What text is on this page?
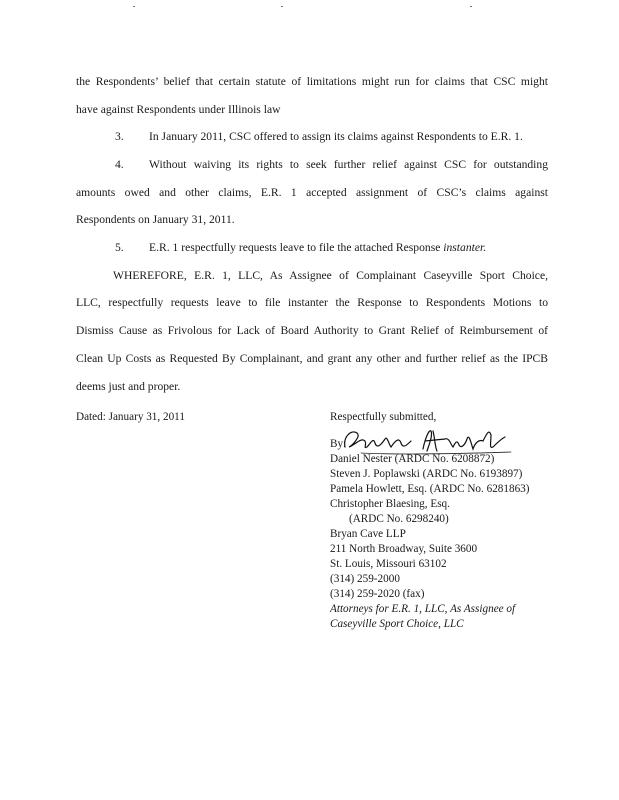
the Respondents’ belief that certain statute of limitations might run for claims that CSC might
have against Respondents under Illinois law
3. In January 2011, CSC offered to assign its claims against Respondents to E.R. 1.
4. Without waiving its rights to seek further relief against CSC for outstanding
amounts owed and other claims, E.R. 1 accepted assignment of CSC’s claims against
Respondents on January 31, 2011.
5. E.R. 1 respectfully requests leave to file the attached Response instanter.
WHEREFORE, E.R. 1, LLC, As Assignee of Complainant Caseyville Sport Choice,
LLC, respectfully requests leave to file instanter the Response to Respondents Motions to
Dismiss Cause as Frivolous for Lack of Board Authority to Grant Relief of Reimbursement of
Clean Up Costs as Requested By Complainant, and grant any other and further relief as the IPCB
deems just and proper.
Dated: January 31, 2011	Respectfully submitted,
By:
Daniel Nester (ARDC No. 6208872)
Steven J. Poplawski (ARDC No. 6193897)
Pamela Howlett, Esq. (ARDC No. 6281863)
Christopher Blaesing, Esq.
(ARDC No. 6298240)
Bryan Cave LLP
211 North Broadway, Suite 3600
St. Louis, Missouri 63102
(314) 259-2000
(314) 259-2020 (fax)
Attorneys for E.R. 1, LLC, As Assignee of
Caseyville Sport Choice, LLC
